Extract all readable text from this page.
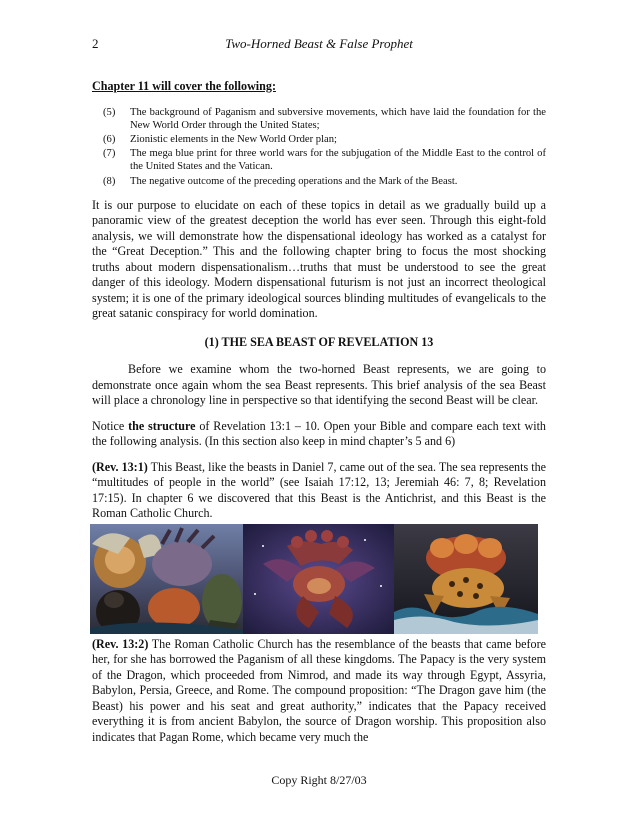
2	Two-Horned Beast & False Prophet

Chapter 11 will cover the following:

(5) The background of Paganism and subversive movements, which have laid the foundation for the New World Order through the United States;
(6) Zionistic elements in the New World Order plan;
(7) The mega blue print for three world wars for the subjugation of the Middle East to the control of the United States and the Vatican.
(8) The negative outcome of the preceding operations and the Mark of the Beast.

It is our purpose to elucidate on each of these topics in detail as we gradually build up a panoramic view of the greatest deception the world has ever seen. Through this eight-fold analysis, we will demonstrate how the dispensational ideology has worked as a catalyst for the “Great Deception.” This and the following chapter bring to focus the most shocking truths about modern dispensationalism…truths that must be understood to see the great danger of this ideology. Modern dispensational futurism is not just an incorrect theological system; it is one of the primary ideological sources blinding multitudes of evangelicals to the great satanic conspiracy for world domination.

(1) THE SEA BEAST OF REVELATION 13

Before we examine whom the two-horned Beast represents, we are going to demonstrate once again whom the sea Beast represents. This brief analysis of the sea Beast will place a chronology line in perspective so that identifying the second Beast will be clear.

Notice the structure of Revelation 13:1 – 10. Open your Bible and compare each text with the following analysis. (In this section also keep in mind chapter’s 5 and 6)

(Rev. 13:1) This Beast, like the beasts in Daniel 7, came out of the sea. The sea represents the “multitudes of people in the world” (see Isaiah 17:12, 13; Jeremiah 46: 7, 8; Revelation 17:15). In chapter 6 we discovered that this Beast is the Antichrist, and this Beast is the Roman Catholic Church.

(Rev. 13:2) The Roman Catholic Church has the resemblance of the beasts that came before her, for she has borrowed the Paganism of all these kingdoms. The Papacy is the very system of the Dragon, which proceeded from Nimrod, and made its way through Egypt, Assyria, Babylon, Persia, Greece, and Rome. The compound proposition: “The Dragon gave him (the Beast) his power and his seat and great authority,” indicates that the Papacy received everything it is from ancient Babylon, the source of Dragon worship. This proposition also indicates that Pagan Rome, which became very much the

Copy Right 8/27/03
